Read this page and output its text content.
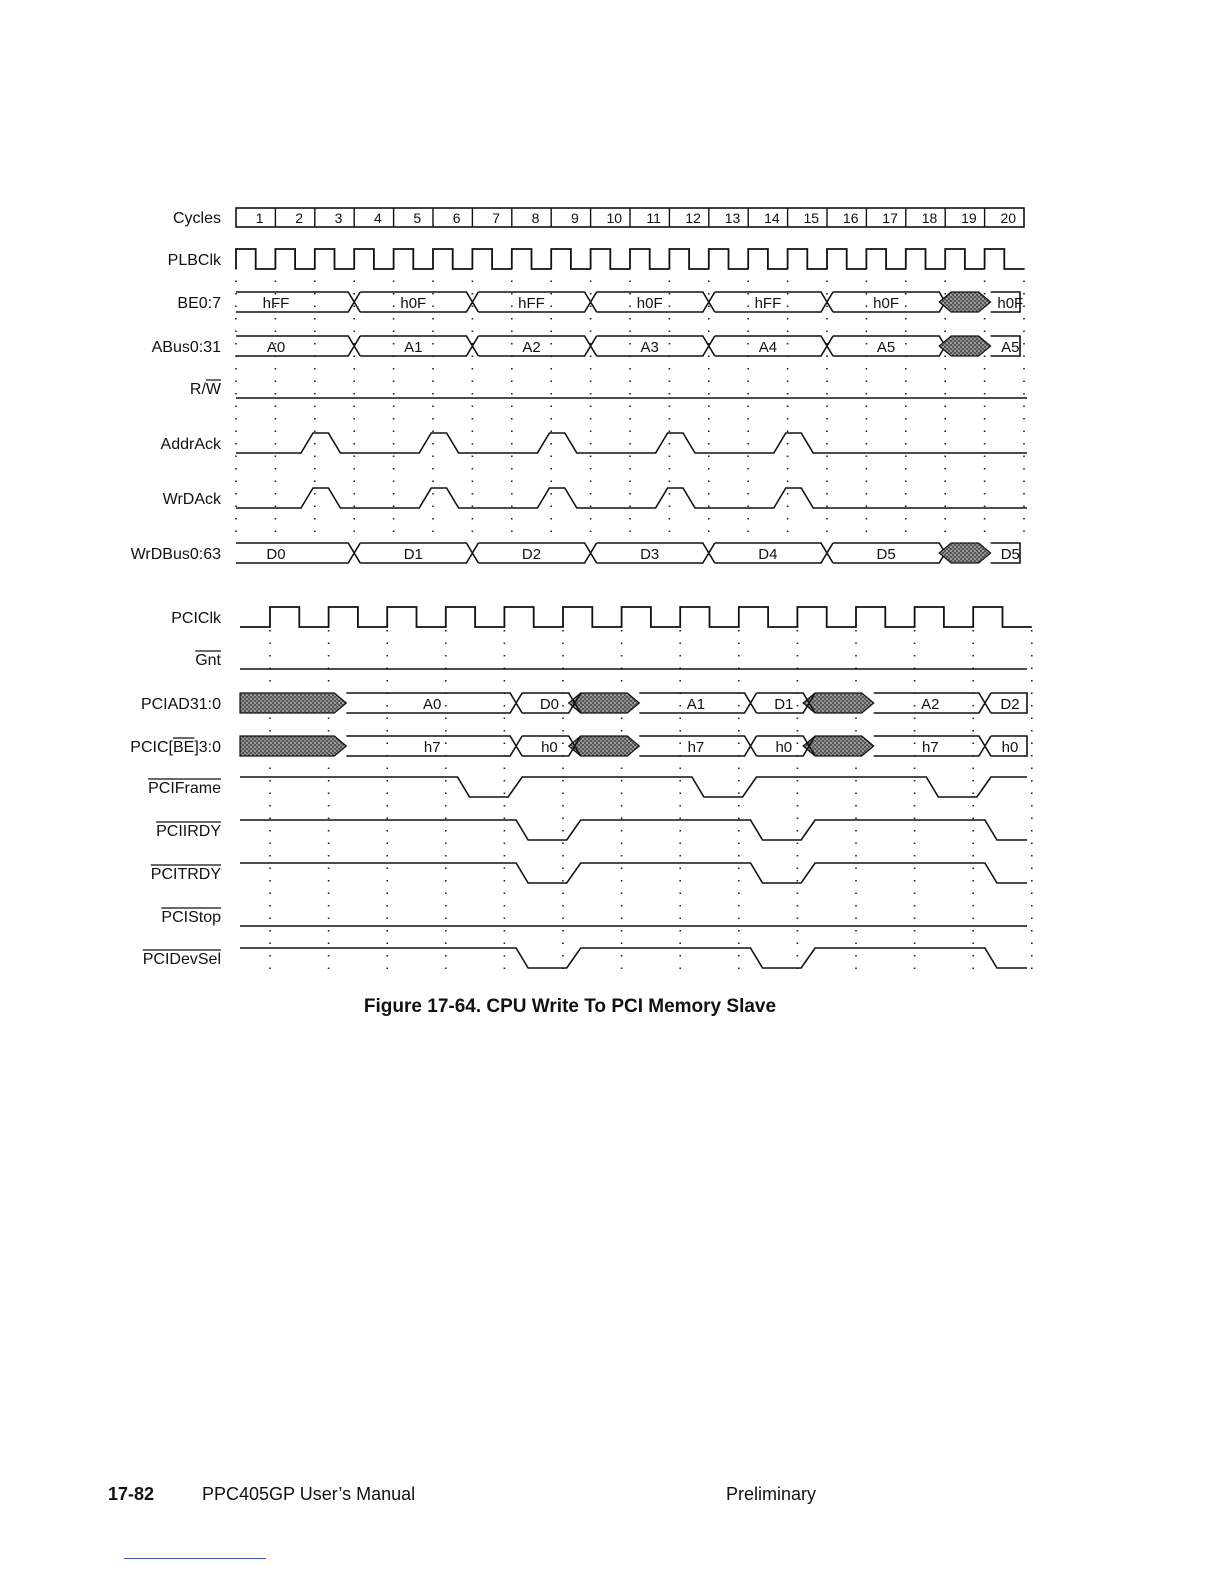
Cycles 1 2 3 4 5 6 7 8 9 10 11 12 13 14 15 16 17 18 19 20
PLBClk
BE0:7	hFF	h0F	hFF	h0F	hFF	h0F	h0F
ABus0:31	A0	A1	A2	A3	A4	A5	A5
R/W
AddrAck
WrDAck
WrDBus0:63	D0	D1	D2	D3	D4	D5	D5
PCIClk
Gnt
PCIAD31:0	A0	D0	A1	D1	A2	D2
PCIC[BE]3:0	h7	h0	h7	h0	h7	h0
PCIFrame
PCIIRDY
PCITRDY
PCIStop
PCIDevSel
Figure 17-64. CPU Write To PCI Memory Slave
17-82	PPC405GP User’s Manual	Preliminary
